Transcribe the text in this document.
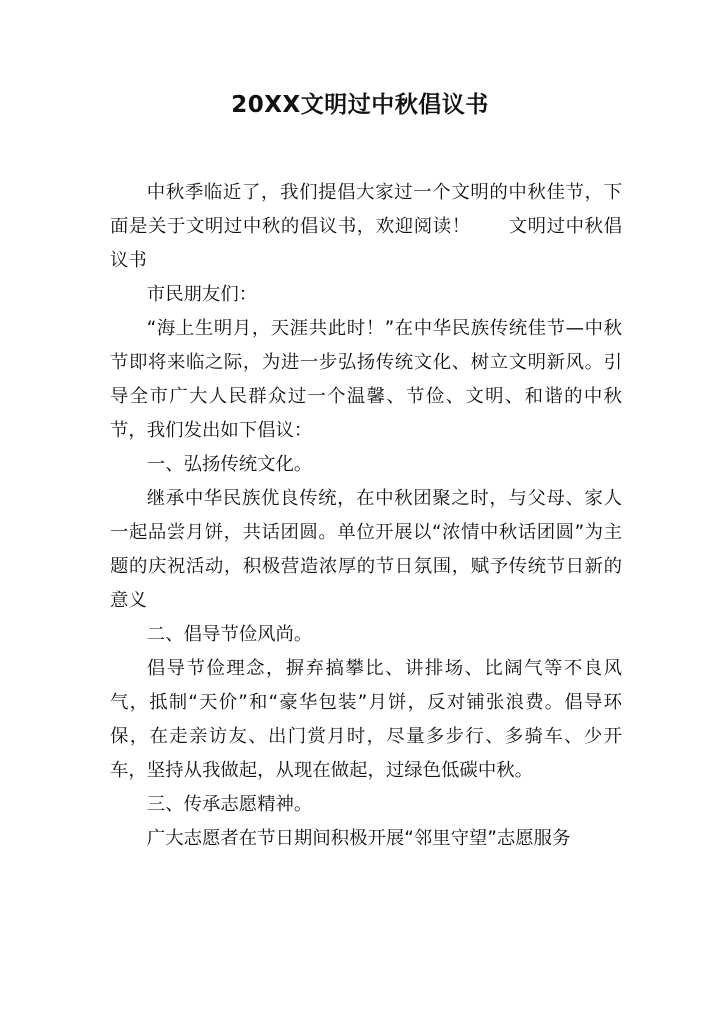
20XX文明过中秋倡议书

中秋季临近了，我们提倡大家过一个文明的中秋佳节，下面是关于文明过中秋的倡议书，欢迎阅读！　　文明过中秋倡议书

市民朋友们：

“海上生明月，天涯共此时！”在中华民族传统佳节—中秋节即将来临之际，为进一步弘扬传统文化、树立文明新风。引导全市广大人民群众过一个温馨、节俭、文明、和谐的中秋节，我们发出如下倡议：

一、弘扬传统文化。

继承中华民族优良传统，在中秋团聚之时，与父母、家人一起品尝月饼，共话团圆。单位开展以“浓情中秋话团圆”为主题的庆祝活动，积极营造浓厚的节日氛围，赋予传统节日新的意义

二、倡导节俭风尚。

倡导节俭理念，摒弃搞攀比、讲排场、比阔气等不良风气，抵制“天价”和“豪华包装”月饼，反对铺张浪费。倡导环保，在走亲访友、出门赏月时，尽量多步行、多骑车、少开车，坚持从我做起，从现在做起，过绿色低碳中秋。

三、传承志愿精神。

广大志愿者在节日期间积极开展“邻里守望”志愿服务
